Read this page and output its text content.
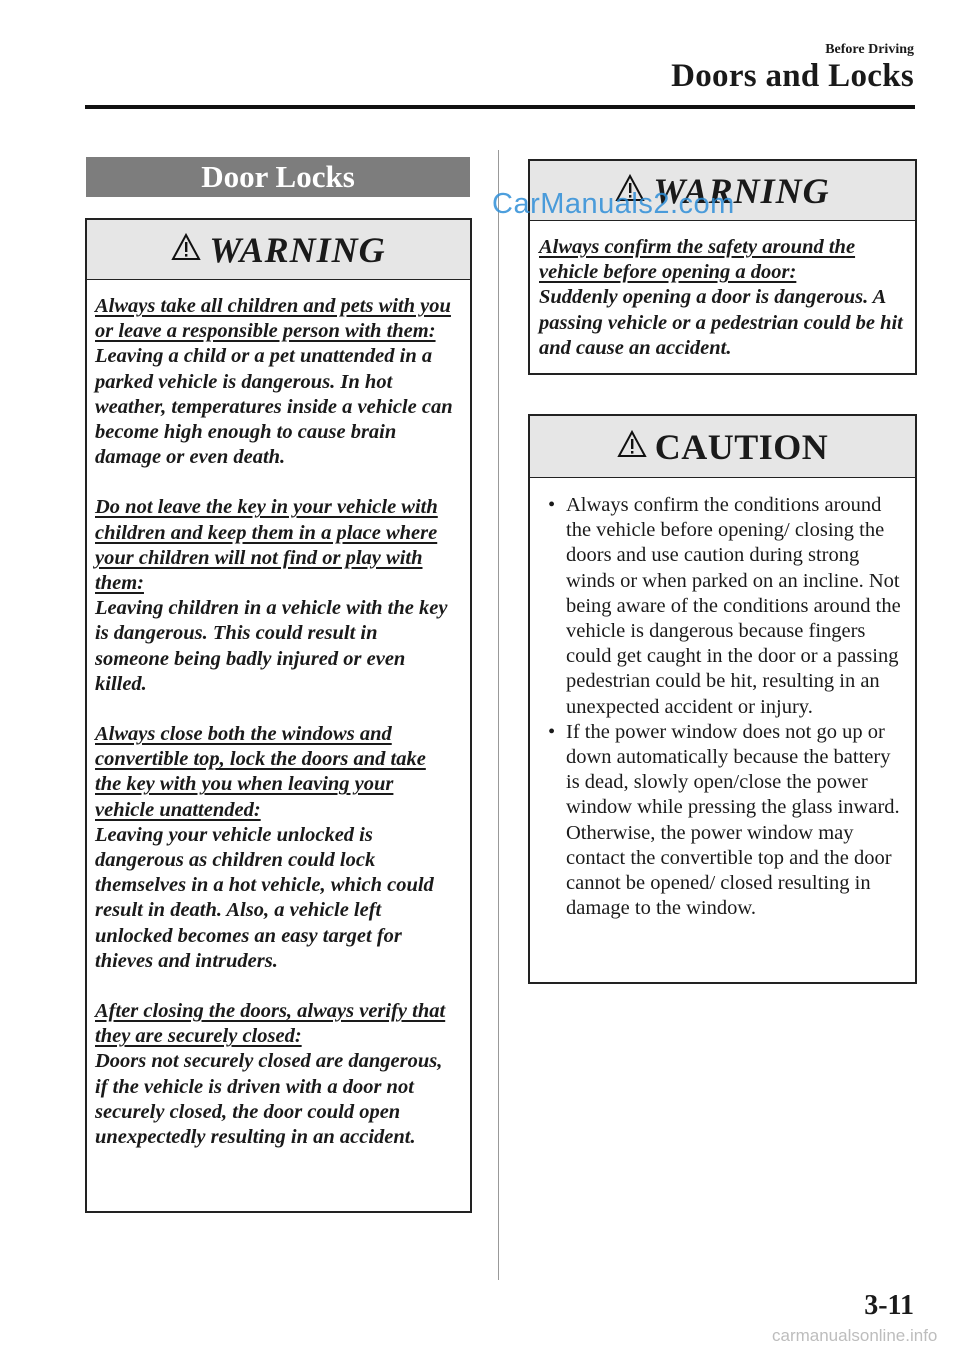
Before Driving
Doors and Locks
Door Locks
WARNING

Always take all children and pets with you or leave a responsible person with them:

Leaving a child or a pet unattended in a parked vehicle is dangerous. In hot weather, temperatures inside a vehicle can become high enough to cause brain damage or even death.

Do not leave the key in your vehicle with children and keep them in a place where your children will not find or play with them:

Leaving children in a vehicle with the key is dangerous. This could result in someone being badly injured or even killed.

Always close both the windows and convertible top, lock the doors and take the key with you when leaving your vehicle unattended:

Leaving your vehicle unlocked is dangerous as children could lock themselves in a hot vehicle, which could result in death. Also, a vehicle left unlocked becomes an easy target for thieves and intruders.

After closing the doors, always verify that they are securely closed:

Doors not securely closed are dangerous, if the vehicle is driven with a door not securely closed, the door could open unexpectedly resulting in an accident.

WARNING

Always confirm the safety around the vehicle before opening a door:

Suddenly opening a door is dangerous. A passing vehicle or a pedestrian could be hit and cause an accident.

CAUTION
• Always confirm the conditions around the vehicle before opening/ closing the doors and use caution during strong winds or when parked on an incline. Not being aware of the conditions around the vehicle is dangerous because fingers could get caught in the door or a passing pedestrian could be hit, resulting in an unexpected accident or injury.
• If the power window does not go up or down automatically because the battery is dead, slowly open/close the power window while pressing the glass inward. Otherwise, the power window may contact the convertible top and the door cannot be opened/ closed resulting in damage to the window.
CarManuals2.com
carmanualsonline.info
3-11
